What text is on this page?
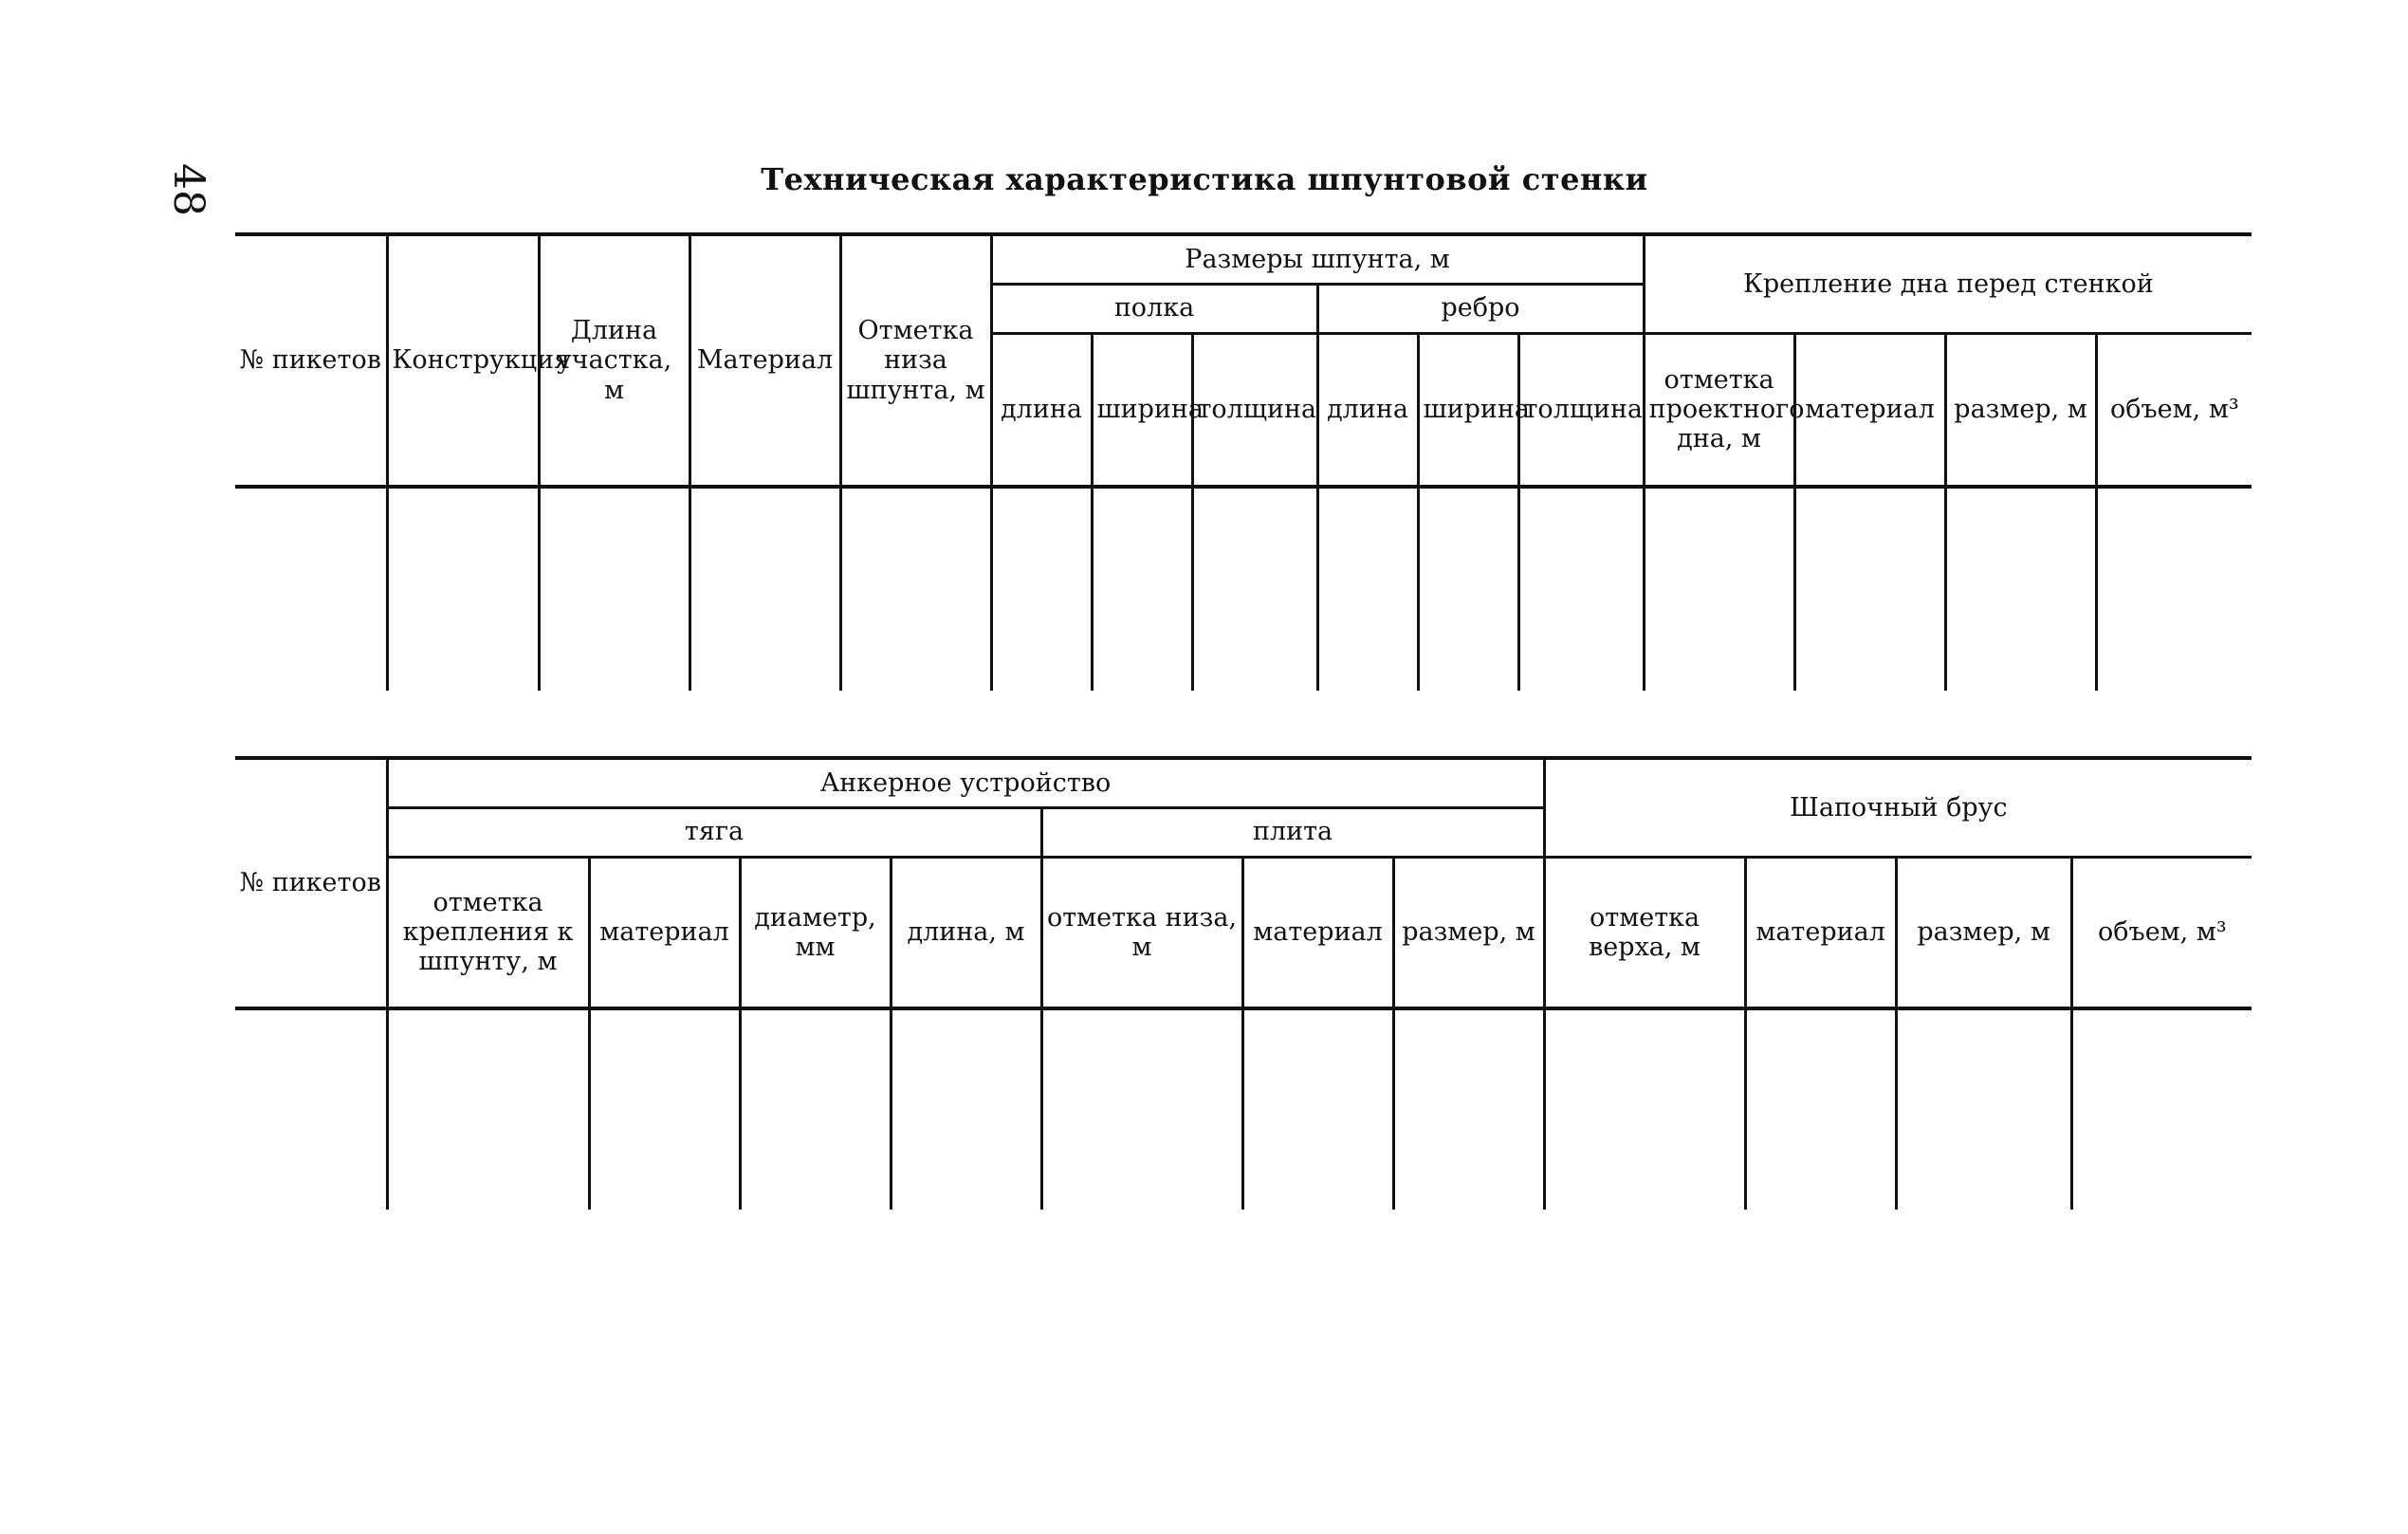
48	Техническая характеристика шпунтовой стенки
№ пикетов	Конструкция	Длина участка, м	Материал	Отметка низа шпунта, м	Размеры шпунта, м						Крепление дна перед стенкой			
					полка			ребро						
					длина	ширина	толщина	длина	ширина	толщина	отметка проектного дна, м	материал	размер, м	объем, м³

№ пикетов	Анкерное устройство							Шапочный брус			
	тяга				плита						
	отметка крепления к шпунту, м	материал	диаметр, мм	длина, м	отметка низа, м	материал	размер, м	отметка верха, м	материал	размер, м	объем, м³
